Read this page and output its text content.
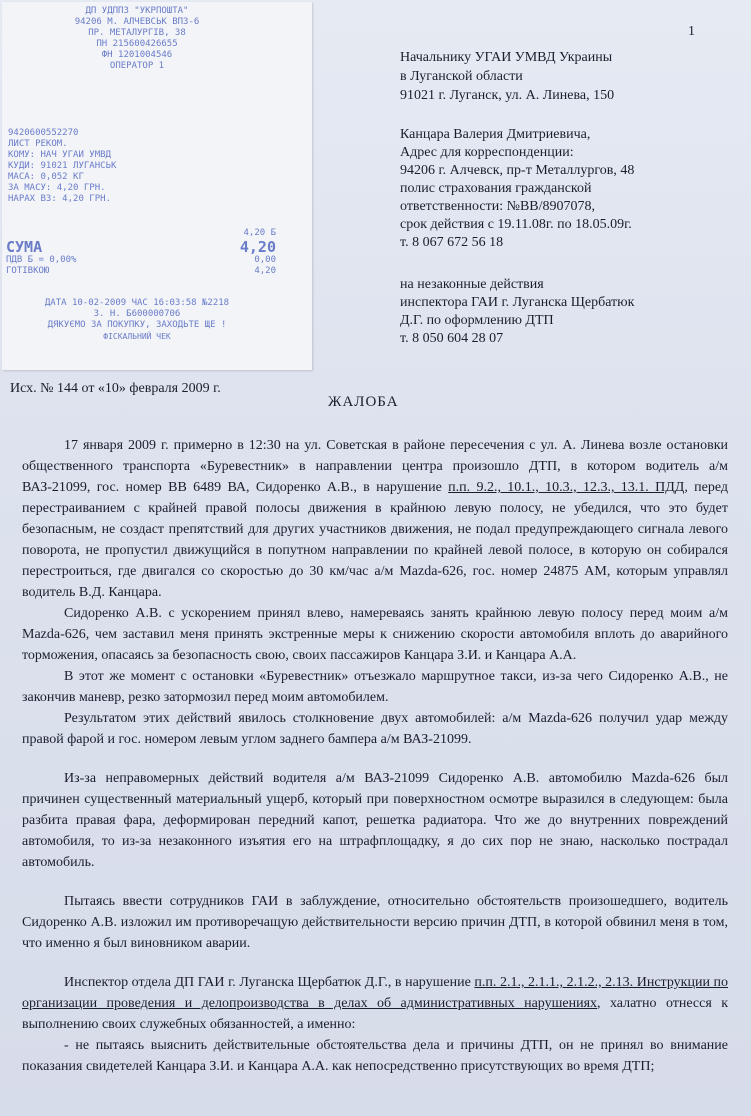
1
ДП УДППЗ "УКРПОШТА"
94206 М. АЛЧЕВСЬК ВПЗ-6
ПР. МЕТАЛУРГІВ, 38
ПН 215600426655
ФН 1201004546
ОПЕРАТОР 1
9420600552270
ЛИСТ РЕКОМ.
КОМУ: НАЧ УГАИ УМВД
КУДИ: 91021 ЛУГАНСЬК
МАСА: 0,052 КГ
ЗА МАСУ: 4,20 ГРН.
НАРАХ ВЗ: 4,20 ГРН.
4,20 Б
СУМА	4,20
ПДВ Б = 0,00%	0,00
ГОТІВКОЮ	4,20
ДАТА 10-02-2009 ЧАС 16:03:58 №2218
З. Н. Б600000706
ДЯКУЄМО ЗА ПОКУПКУ, ЗАХОДЬТЕ ЩЕ !
ФІСКАЛЬНИЙ ЧЕК
Начальнику УГАИ УМВД Украины
в Луганской области
91021 г. Луганск, ул. А. Линева, 150
Канцара Валерия Дмитриевича,
Адрес для корреспонденции:
94206 г. Алчевск, пр-т Металлургов, 48
полис страхования гражданской
ответственности: №ВВ/8907078,
срок действия с 19.11.08г. по 18.05.09г.
т. 8 067 672 56 18
на незаконные действия
инспектора ГАИ г. Луганска Щербатюк
Д.Г. по оформлению ДТП
т. 8 050 604 28 07
Исх. № 144 от «10» февраля 2009 г.
ЖАЛОБА

17 января 2009 г. примерно в 12:30 на ул. Советская в районе пересечения с ул. А. Линева возле остановки общественного транспорта «Буревестник» в направлении центра произошло ДТП, в котором водитель а/м ВАЗ-21099, гос. номер ВВ 6489 ВА, Сидоренко А.В., в нарушение п.п. 9.2., 10.1., 10.3., 12.3., 13.1. ПДД, перед перестраиванием с крайней правой полосы движения в крайнюю левую полосу, не убедился, что это будет безопасным, не создаст препятствий для других участников движения, не подал предупреждающего сигнала левого поворота, не пропустил движущийся в попутном направлении по крайней левой полосе, в которую он собирался перестроиться, где двигался со скоростью до 30 км/час а/м Mazda-626, гос. номер 24875 АМ, которым управлял водитель В.Д. Канцара.

Сидоренко А.В. с ускорением принял влево, намереваясь занять крайнюю левую полосу перед моим а/м Mazda-626, чем заставил меня принять экстренные меры к снижению скорости автомобиля вплоть до аварийного торможения, опасаясь за безопасность свою, своих пассажиров Канцара З.И. и Канцара А.А.

В этот же момент с остановки «Буревестник» отъезжало маршрутное такси, из-за чего Сидоренко А.В., не закончив маневр, резко затормозил перед моим автомобилем.

Результатом этих действий явилось столкновение двух автомобилей: а/м Mazda-626 получил удар между правой фарой и гос. номером левым углом заднего бампера а/м ВАЗ-21099.

Из-за неправомерных действий водителя а/м ВАЗ-21099 Сидоренко А.В. автомобилю Mazda-626 был причинен существенный материальный ущерб, который при поверхностном осмотре выразился в следующем: была разбита правая фара, деформирован передний капот, решетка радиатора. Что же до внутренних повреждений автомобиля, то из-за незаконного изъятия его на штрафплощадку, я до сих пор не знаю, насколько пострадал автомобиль.

Пытаясь ввести сотрудников ГАИ в заблуждение, относительно обстоятельств произошедшего, водитель Сидоренко А.В. изложил им противоречащую действительности версию причин ДТП, в которой обвинил меня в том, что именно я был виновником аварии.

Инспектор отдела ДП ГАИ г. Луганска Щербатюк Д.Г., в нарушение п.п. 2.1., 2.1.1., 2.1.2., 2.13. Инструкции по организации проведения и делопроизводства в делах об административных нарушениях, халатно отнесся к выполнению своих служебных обязанностей, а именно:

- не пытаясь выяснить действительные обстоятельства дела и причины ДТП, он не принял во внимание показания свидетелей Канцара З.И. и Канцара А.А. как непосредственно присутствующих во время ДТП;
